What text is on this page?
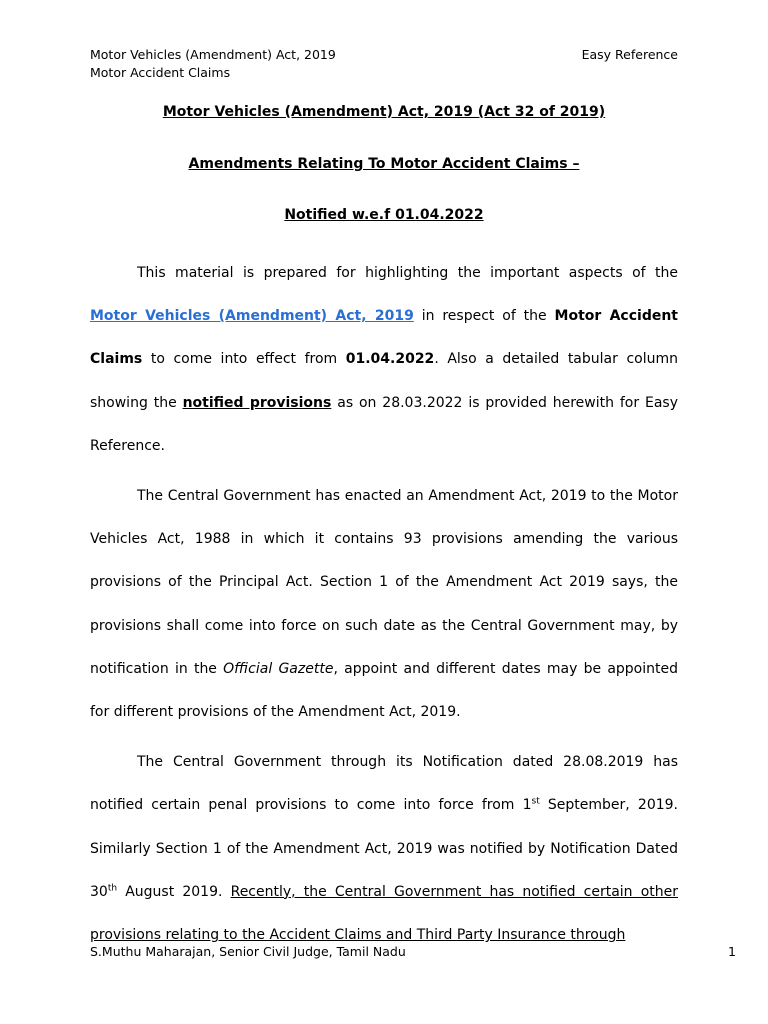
Motor Vehicles (Amendment) Act, 2019
Motor Accident Claims
Easy Reference
Motor Vehicles (Amendment) Act, 2019 (Act 32 of 2019)
Amendments Relating To Motor Accident Claims –
Notified w.e.f 01.04.2022

This material is prepared for highlighting the important aspects of the Motor Vehicles (Amendment) Act, 2019 in respect of the Motor Accident Claims to come into effect from 01.04.2022. Also a detailed tabular column showing the notified provisions as on 28.03.2022 is provided herewith for Easy Reference.

The Central Government has enacted an Amendment Act, 2019 to the Motor Vehicles Act, 1988 in which it contains 93 provisions amending the various provisions of the Principal Act. Section 1 of the Amendment Act 2019 says, the provisions shall come into force on such date as the Central Government may, by notification in the Official Gazette, appoint and different dates may be appointed for different provisions of the Amendment Act, 2019.

The Central Government through its Notification dated 28.08.2019 has notified certain penal provisions to come into force from 1st September, 2019. Similarly Section 1 of the Amendment Act, 2019 was notified by Notification Dated 30th August 2019. Recently, the Central Government has notified certain other provisions relating to the Accident Claims and Third Party Insurance through

S.Muthu Maharajan, Senior Civil Judge, Tamil Nadu	1
